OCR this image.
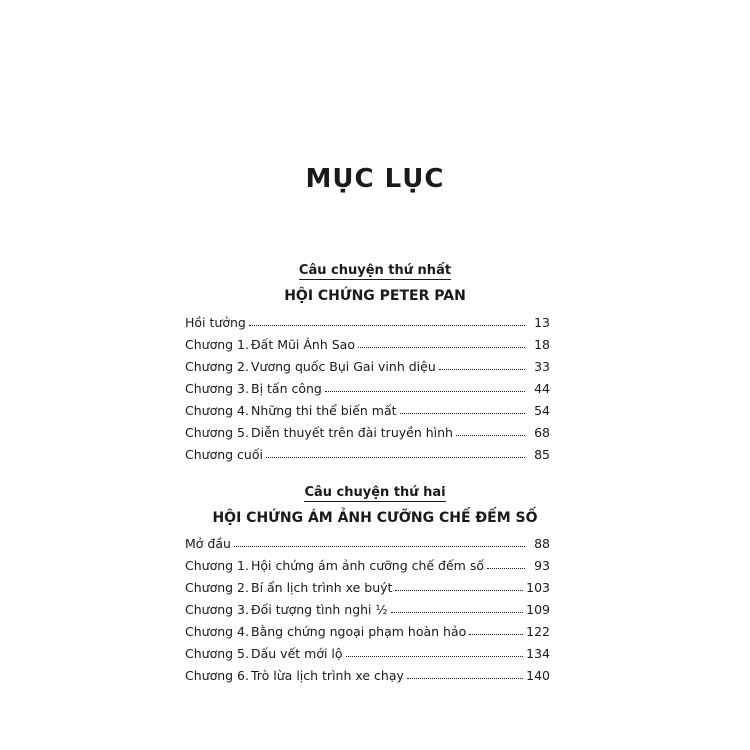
MỤC LỤC
Câu chuyện thứ nhất
HỘI CHỨNG PETER PAN
Hồi tưởng	13
Chương 1. Đất Mũi Ánh Sao	18
Chương 2. Vương quốc Bụi Gai vinh diệu	33
Chương 3. Bị tấn công	44
Chương 4. Những thi thể biến mất	54
Chương 5. Diễn thuyết trên đài truyền hình	68
Chương cuối	85
Câu chuyện thứ hai
HỘI CHỨNG ÁM ẢNH CƯỠNG CHẾ ĐẾM SỐ
Mở đầu	88
Chương 1. Hội chứng ám ảnh cưỡng chế đếm số	93
Chương 2. Bí ẩn lịch trình xe buýt	103
Chương 3. Đối tượng tình nghi ½	109
Chương 4. Bằng chứng ngoại phạm hoàn hảo	122
Chương 5. Dấu vết mới lộ	134
Chương 6. Trò lừa lịch trình xe chạy	140
